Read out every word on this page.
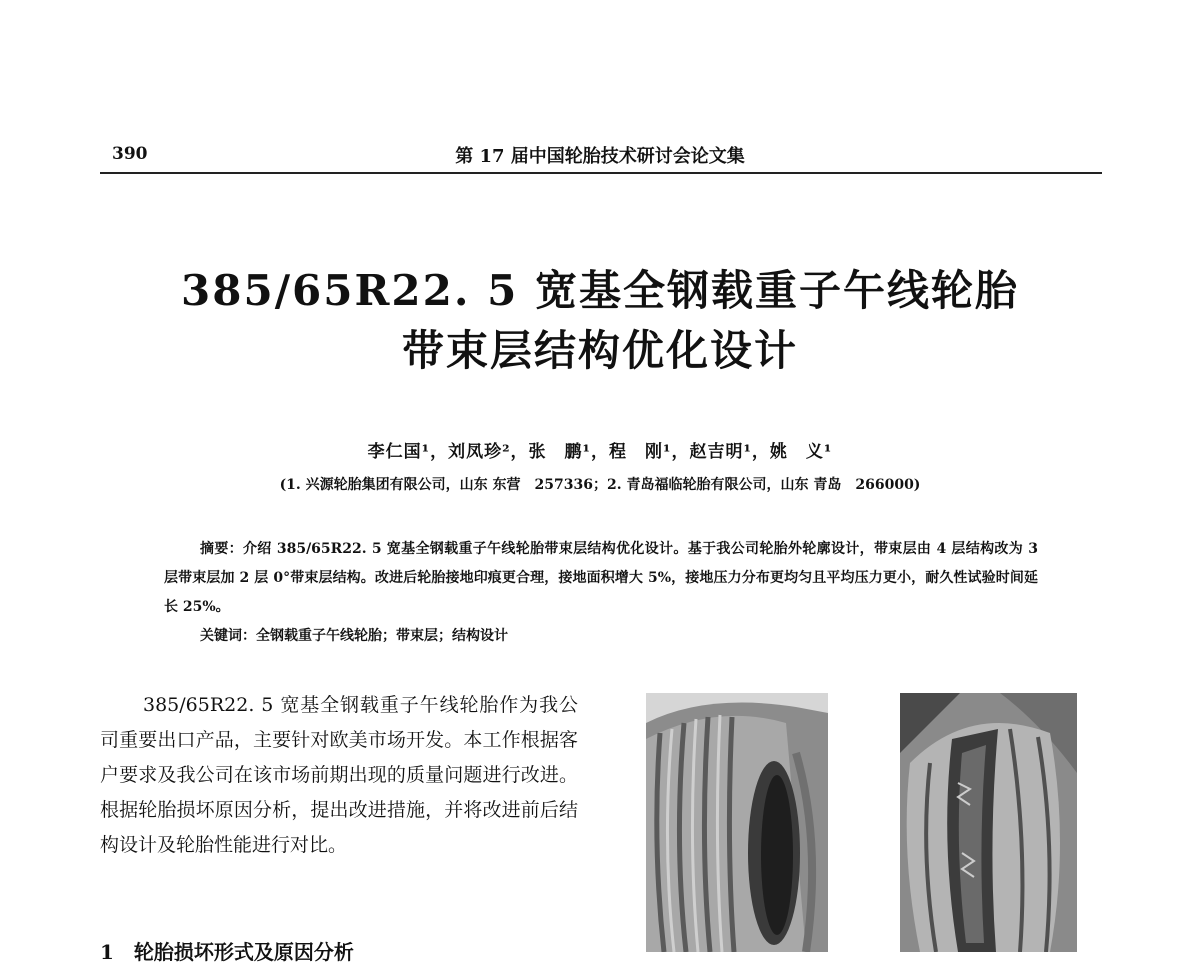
390	第 17 届中国轮胎技术研讨会论文集
385/65R22. 5 宽基全钢载重子午线轮胎
带束层结构优化设计
李仁国¹，刘凤珍²，张　鹏¹，程　刚¹，赵吉明¹，姚　义¹
(1. 兴源轮胎集团有限公司，山东 东营　257336；2. 青岛福临轮胎有限公司，山东 青岛　266000)
摘要：介绍 385/65R22. 5 宽基全钢载重子午线轮胎带束层结构优化设计。基于我公司轮胎外轮廓设计，带束层由 4 层结构改为 3 层带束层加 2 层 0°带束层结构。改进后轮胎接地印痕更合理，接地面积增大 5%，接地压力分布更均匀且平均压力更小，耐久性试验时间延长 25%。
关键词：全钢载重子午线轮胎；带束层；结构设计
385/65R22. 5 宽基全钢载重子午线轮胎作为我公司重要出口产品，主要针对欧美市场开发。本工作根据客户要求及我公司在该市场前期出现的质量问题进行改进。根据轮胎损坏原因分析，提出改进措施，并将改进前后结构设计及轮胎性能进行对比。
1　轮胎损坏形式及原因分析
